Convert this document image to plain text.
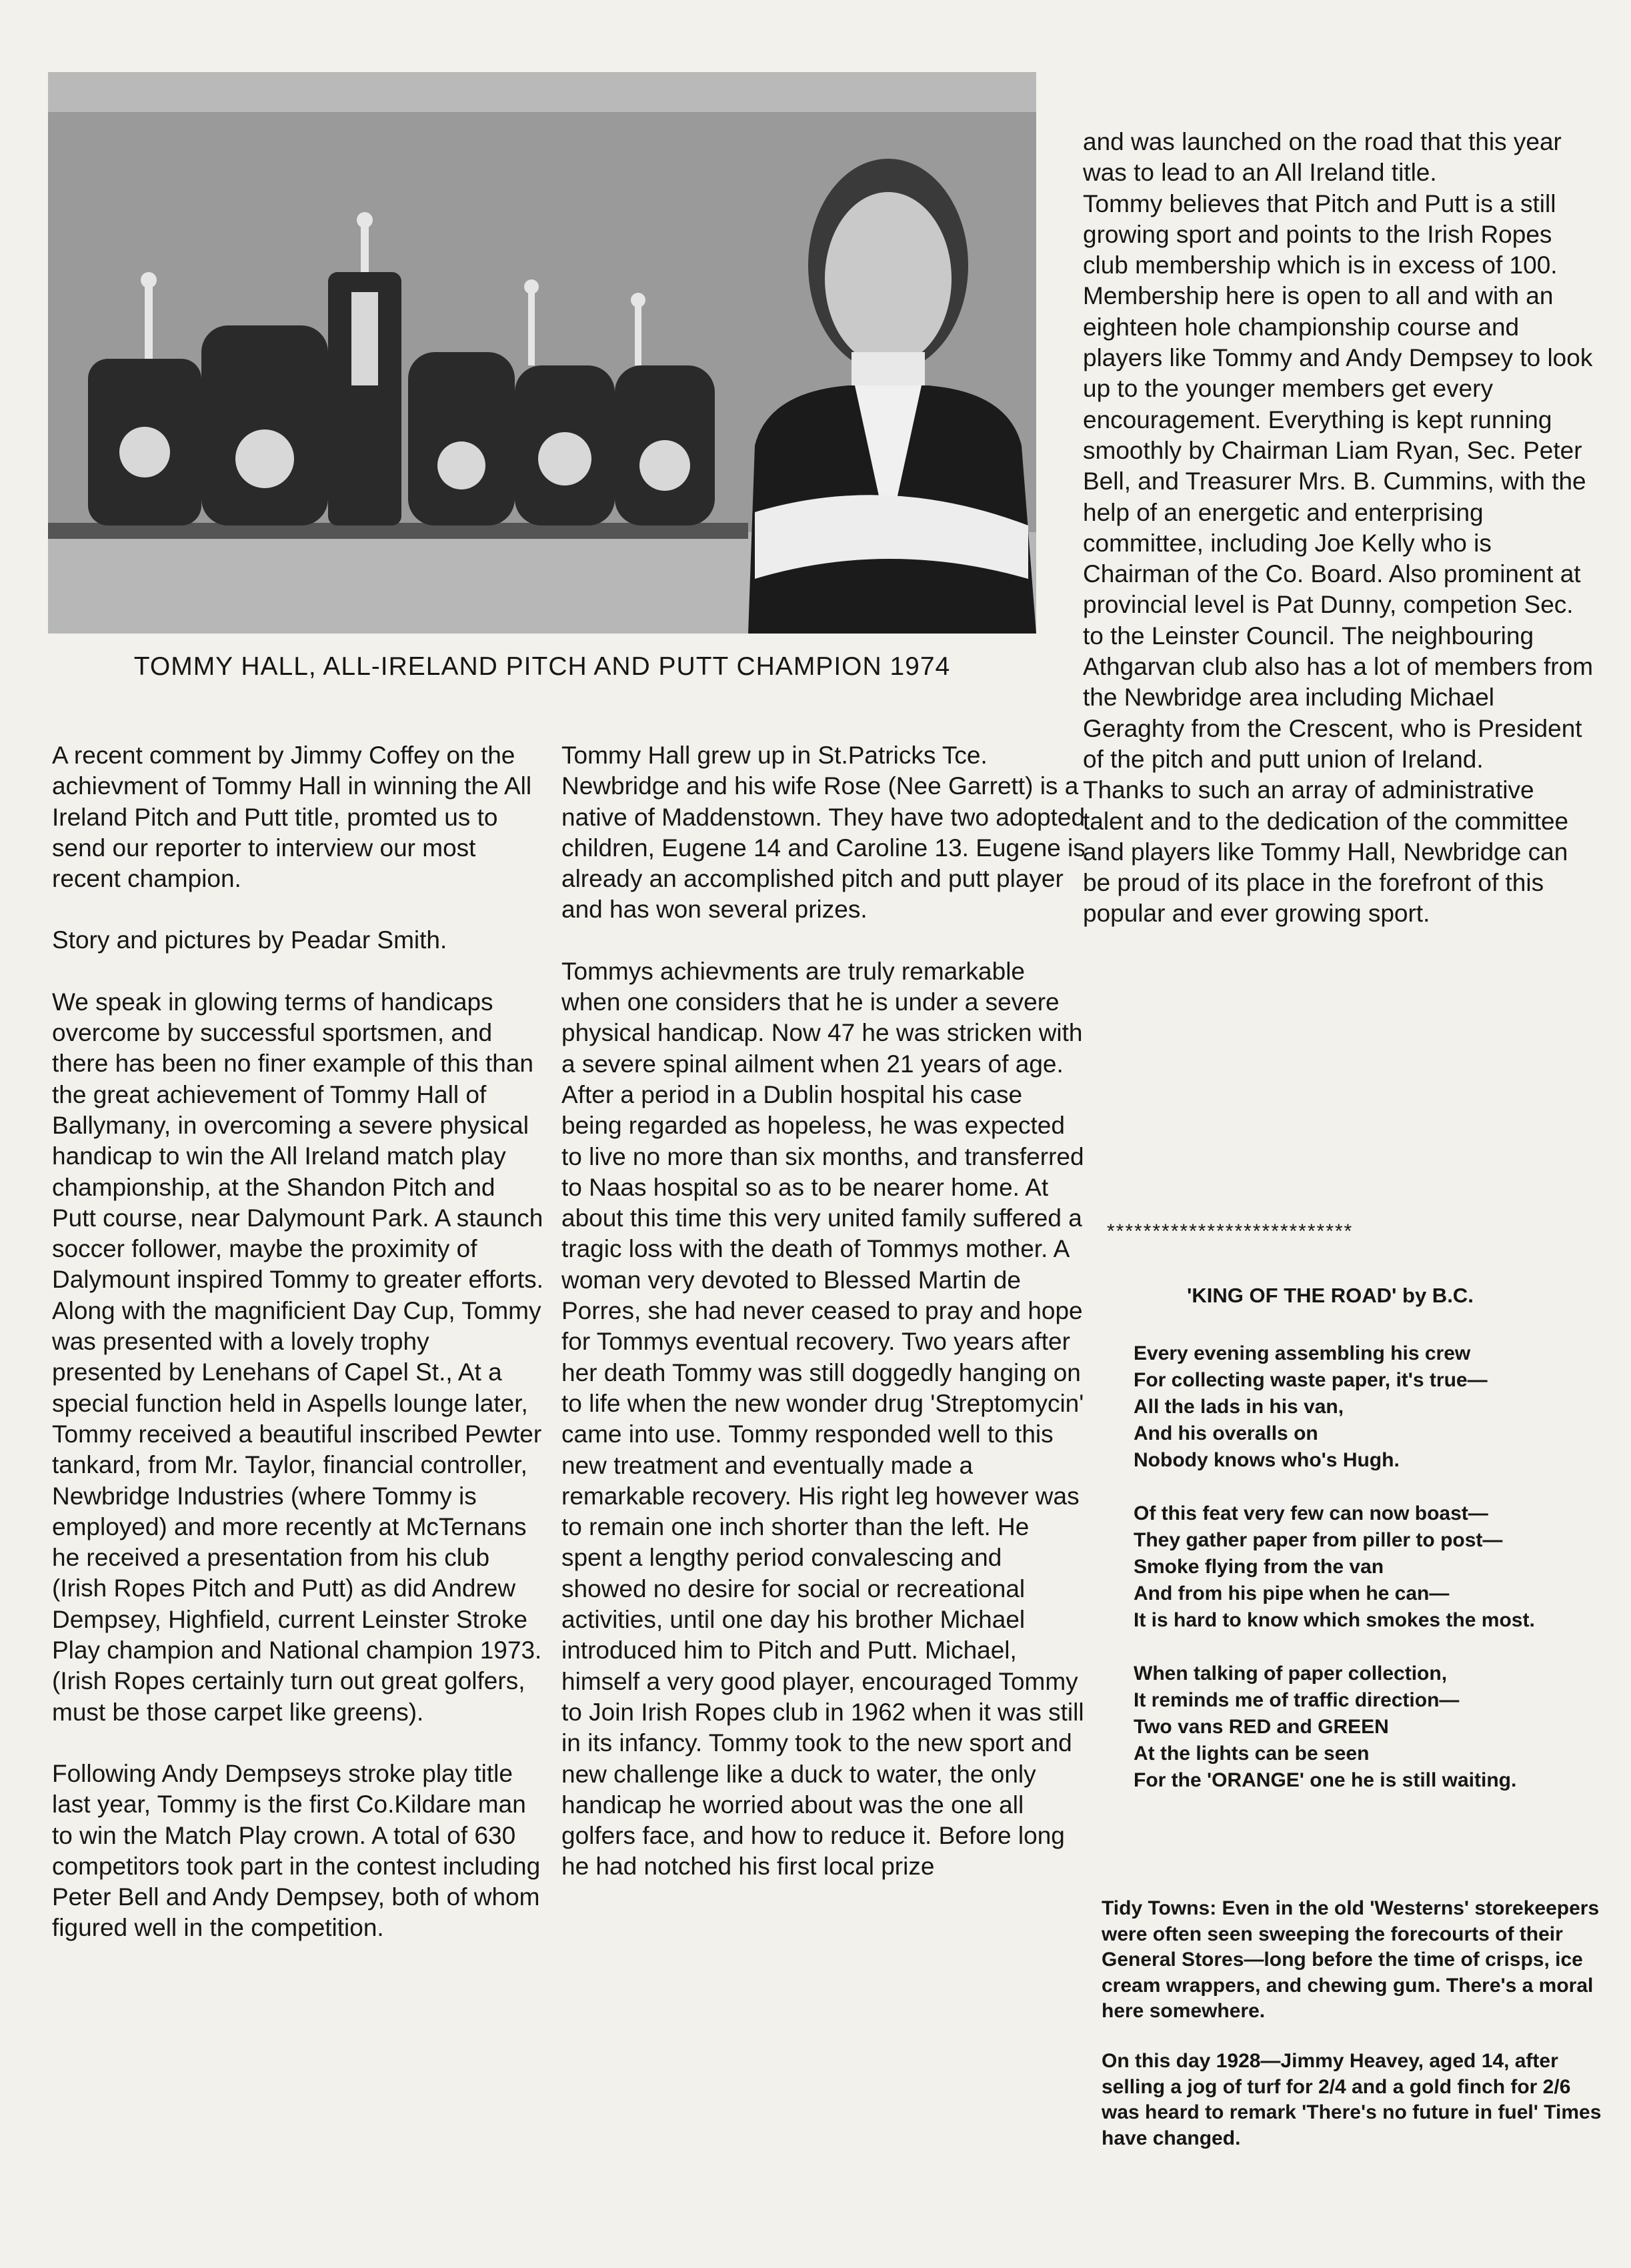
TOMMY HALL, ALL-IRELAND PITCH AND PUTT CHAMPION 1974

A recent comment by Jimmy Coffey on the achievment of Tommy Hall in winning the All Ireland Pitch and Putt title, promted us to send our reporter to interview our most recent champion.

Story and pictures by Peadar Smith.

We speak in glowing terms of handicaps overcome by successful sportsmen, and there has been no finer example of this than the great achievement of Tommy Hall of Ballymany, in overcoming a severe physical handicap to win the All Ireland match play championship, at the Shandon Pitch and Putt course, near Dalymount Park. A staunch soccer follower, maybe the proximity of Dalymount inspired Tommy to greater efforts.

Along with the magnificient Day Cup, Tommy was presented with a lovely trophy presented by Lenehans of Capel St., At a special function held in Aspells lounge later, Tommy received a beautiful inscribed Pewter tankard, from Mr. Taylor, financial controller, Newbridge Industries (where Tommy is employed) and more recently at McTernans he received a presentation from his club (Irish Ropes Pitch and Putt) as did Andrew Dempsey, Highfield, current Leinster Stroke Play champion and National champion 1973. (Irish Ropes certainly turn out great golfers, must be those carpet like greens).

Following Andy Dempseys stroke play title last year, Tommy is the first Co.Kildare man to win the Match Play crown. A total of 630 competitors took part in the contest including Peter Bell and Andy Dempsey, both of whom figured well in the competition.

Tommy Hall grew up in St.Patricks Tce. Newbridge and his wife Rose (Nee Garrett) is a native of Maddenstown. They have two adopted children, Eugene 14 and Caroline 13. Eugene is already an accomplished pitch and putt player and has won several prizes.

Tommys achievments are truly remarkable when one considers that he is under a severe physical handicap. Now 47 he was stricken with a severe spinal ailment when 21 years of age. After a period in a Dublin hospital his case being regarded as hopeless, he was expected to live no more than six months, and transferred to Naas hospital so as to be nearer home. At about this time this very united family suffered a tragic loss with the death of Tommys mother. A woman very devoted to Blessed Martin de Porres, she had never ceased to pray and hope for Tommys eventual recovery. Two years after her death Tommy was still doggedly hanging on to life when the new wonder drug 'Streptomycin' came into use. Tommy responded well to this new treatment and eventually made a remarkable recovery. His right leg however was to remain one inch shorter than the left. He spent a lengthy period convalescing and showed no desire for social or recreational activities, until one day his brother Michael introduced him to Pitch and Putt. Michael, himself a very good player, encouraged Tommy to Join Irish Ropes club in 1962 when it was still in its infancy. Tommy took to the new sport and new challenge like a duck to water, the only handicap he worried about was the one all golfers face, and how to reduce it. Before long he had notched his first local prize

and was launched on the road that this year was to lead to an All Ireland title.

Tommy believes that Pitch and Putt is a still growing sport and points to the Irish Ropes club membership which is in excess of 100. Membership here is open to all and with an eighteen hole championship course and players like Tommy and Andy Dempsey to look up to the younger members get every encouragement. Everything is kept running smoothly by Chairman Liam Ryan, Sec. Peter Bell, and Treasurer Mrs. B. Cummins, with the help of an energetic and enterprising committee, including Joe Kelly who is Chairman of the Co. Board. Also prominent at provincial level is Pat Dunny, competion Sec. to the Leinster Council. The neighbouring Athgarvan club also has a lot of members from the Newbridge area including Michael Geraghty from the Crescent, who is President of the pitch and putt union of Ireland.

Thanks to such an array of administrative talent and to the dedication of the committee and players like Tommy Hall, Newbridge can be proud of its place in the forefront of this popular and ever growing sport.

***************************
'KING OF THE ROAD' by B.C.
Every evening assembling his crew
For collecting waste paper, it's true—
All the lads in his van,
And his overalls on
Nobody knows who's Hugh.
Of this feat very few can now boast—
They gather paper from piller to post—
Smoke flying from the van
And from his pipe when he can—
It is hard to know which smokes the most.
When talking of paper collection,
It reminds me of traffic direction—
Two vans RED and GREEN
At the lights can be seen
For the 'ORANGE' one he is still waiting.
Tidy Towns: Even in the old 'Westerns' storekeepers were often seen sweeping the forecourts of their General Stores—long before the time of crisps, ice cream wrappers, and chewing gum. There's a moral here somewhere.
On this day 1928—Jimmy Heavey, aged 14, after selling a jog of turf for 2/4 and a gold finch for 2/6 was heard to remark 'There's no future in fuel' Times have changed.
